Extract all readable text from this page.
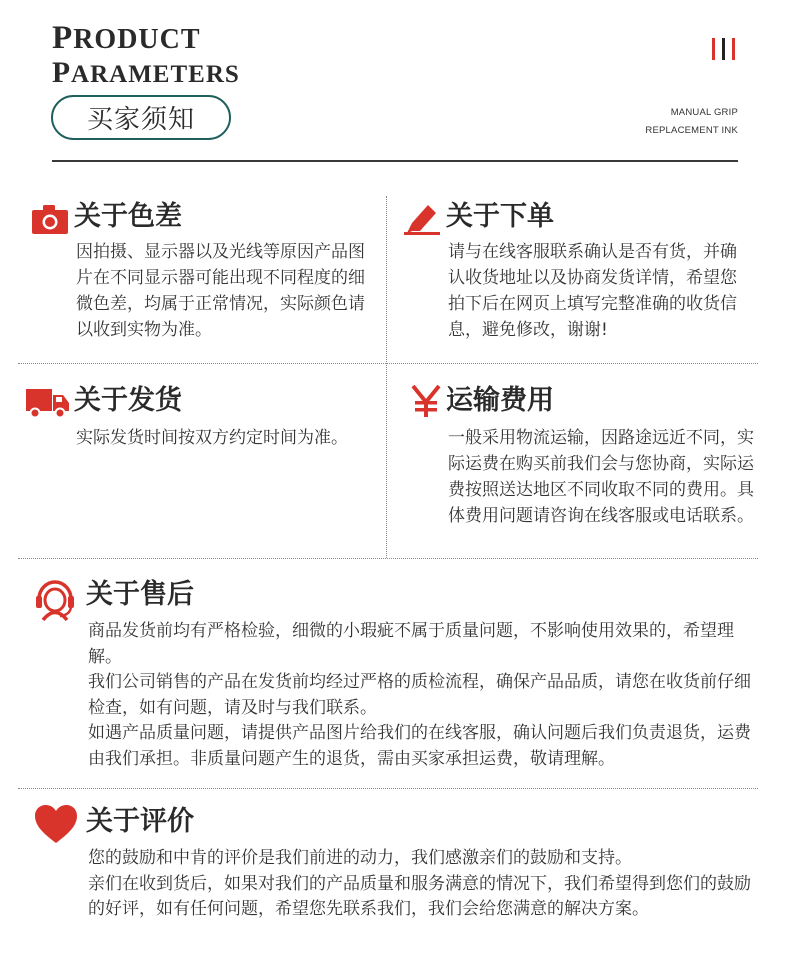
PRODUCT
PARAMETERS
买家须知	MANUAL GRIP
REPLACEMENT INK
关于色差

因拍摄、显示器以及光线等原因产品图片在不同显示器可能出现不同程度的细微色差，均属于正常情况，实际颜色请以收到实物为准。

关于下单

请与在线客服联系确认是否有货，并确认收货地址以及协商发货详情，希望您拍下后在网页上填写完整准确的收货信息，避免修改，谢谢!

关于发货

实际发货时间按双方约定时间为准。

运输费用

一般采用物流运输，因路途远近不同，实际运费在购买前我们会与您协商，实际运费按照送达地区不同收取不同的费用。具体费用问题请咨询在线客服或电话联系。

关于售后

商品发货前均有严格检验，细微的小瑕疵不属于质量问题，不影响使用效果的，希望理解。

我们公司销售的产品在发货前均经过严格的质检流程，确保产品品质，请您在收货前仔细检查，如有问题，请及时与我们联系。

如遇产品质量问题，请提供产品图片给我们的在线客服，确认问题后我们负责退货，运费由我们承担。非质量问题产生的退货，需由买家承担运费，敬请理解。

关于评价

您的鼓励和中肯的评价是我们前进的动力，我们感激亲们的鼓励和支持。

亲们在收到货后，如果对我们的产品质量和服务满意的情况下，我们希望得到您们的鼓励的好评，如有任何问题，希望您先联系我们，我们会给您满意的解决方案。
